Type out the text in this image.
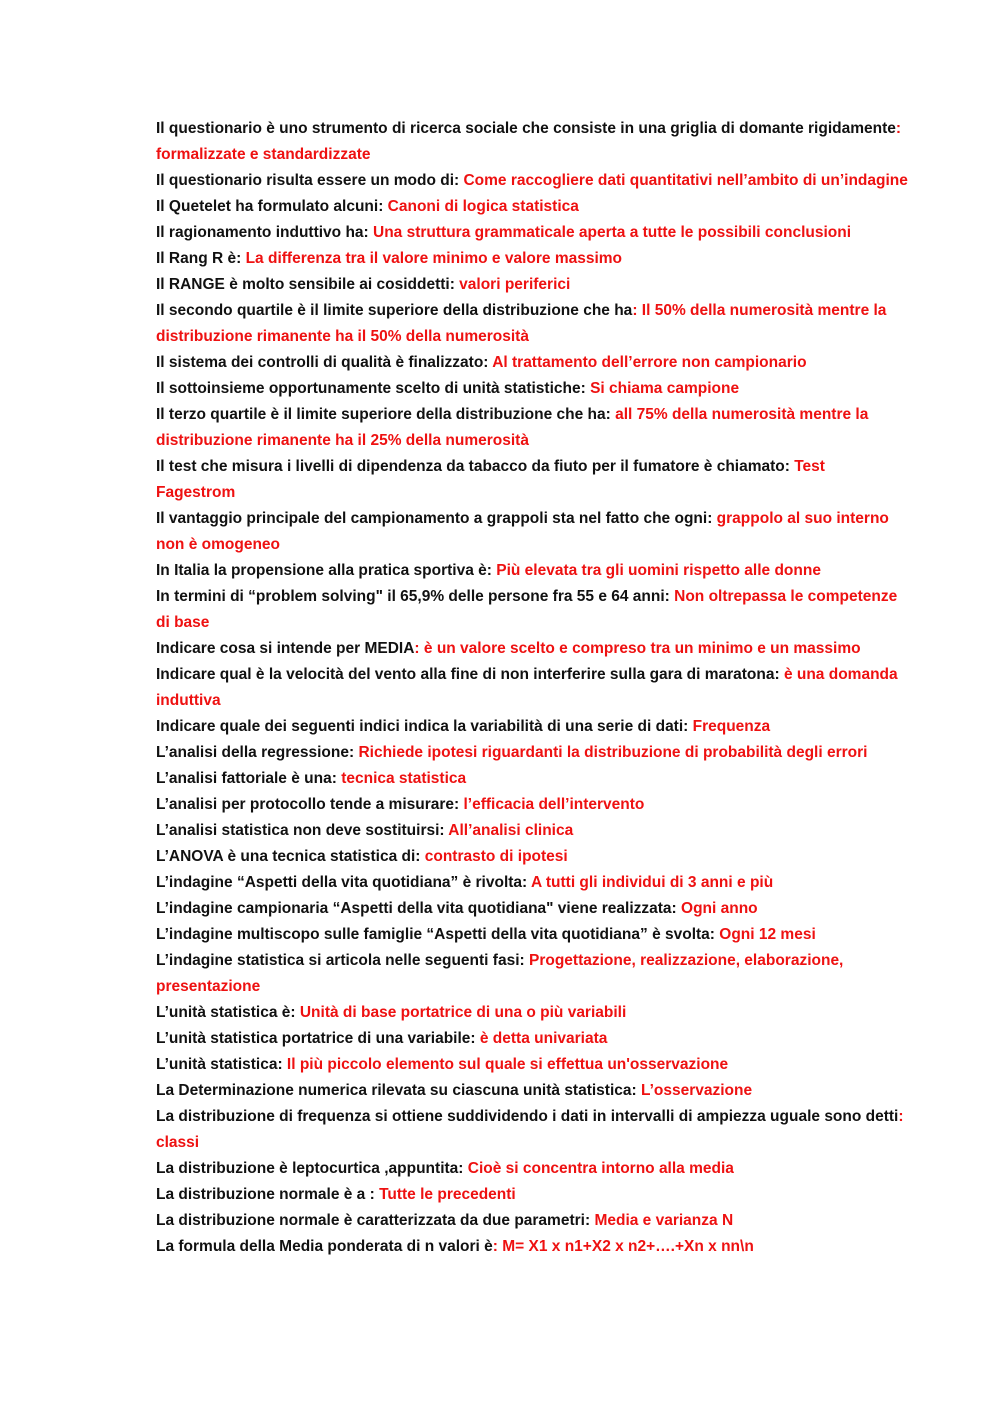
Il questionario è uno strumento di ricerca sociale che consiste in una griglia di domante rigidamente: formalizzate e standardizzate

Il questionario risulta essere un modo di: Come raccogliere dati quantitativi nell’ambito di un’indagine

Il Quetelet ha formulato alcuni: Canoni di logica statistica

Il ragionamento induttivo ha: Una struttura grammaticale aperta a tutte le possibili conclusioni

Il Rang R è: La differenza tra il valore minimo e valore massimo

Il RANGE è molto sensibile ai cosiddetti: valori periferici

Il secondo quartile è il limite superiore della distribuzione che ha: Il 50% della numerosità mentre la distribuzione rimanente ha il 50% della numerosità

Il sistema dei controlli di qualità è finalizzato: Al trattamento dell’errore non campionario

Il sottoinsieme opportunamente scelto di unità statistiche: Si chiama campione

Il terzo quartile è il limite superiore della distribuzione che ha: all 75% della numerosità mentre la distribuzione rimanente ha il 25% della numerosità

Il test che misura i livelli di dipendenza da tabacco da fiuto per il fumatore è chiamato: Test Fagestrom

Il vantaggio principale del campionamento a grappoli sta nel fatto che ogni: grappolo al suo interno non è omogeneo

In Italia la propensione alla pratica sportiva è: Più elevata tra gli uomini rispetto alle donne

In termini di “problem solving" il 65,9% delle persone fra 55 e 64 anni: Non oltrepassa le competenze di base

Indicare cosa si intende per MEDIA: è un valore scelto e compreso tra un minimo e un massimo

Indicare qual è la velocità del vento alla fine di non interferire sulla gara di maratona: è una domanda induttiva

Indicare quale dei seguenti indici indica la variabilità di una serie di dati: Frequenza

L’analisi della regressione: Richiede ipotesi riguardanti la distribuzione di probabilità degli errori

L’analisi fattoriale è una: tecnica statistica

L’analisi per protocollo tende a misurare: l’efficacia dell’intervento

L’analisi statistica non deve sostituirsi: All’analisi clinica

L’ANOVA è una tecnica statistica di: contrasto di ipotesi

L’indagine “Aspetti della vita quotidiana” è rivolta: A tutti gli individui di 3 anni e più

L’indagine campionaria “Aspetti della vita quotidiana" viene realizzata: Ogni anno

L’indagine multiscopo sulle famiglie “Aspetti della vita quotidiana” è svolta: Ogni 12 mesi

L’indagine statistica si articola nelle seguenti fasi: Progettazione, realizzazione, elaborazione, presentazione

L’unità statistica è: Unità di base portatrice di una o più variabili

L’unità statistica portatrice di una variabile: è detta univariata

L’unità statistica: Il più piccolo elemento sul quale si effettua un'osservazione

La Determinazione numerica rilevata su ciascuna unità statistica: L’osservazione

La distribuzione di frequenza si ottiene suddividendo i dati in intervalli di ampiezza uguale sono detti: classi

La distribuzione è leptocurtica ,appuntita: Cioè si concentra intorno alla media

La distribuzione normale è a : Tutte le precedenti

La distribuzione normale è caratterizzata da due parametri: Media e varianza N

La formula della Media ponderata di n valori è: M= X1 x n1+X2 x n2+….+Xn x nn\n
